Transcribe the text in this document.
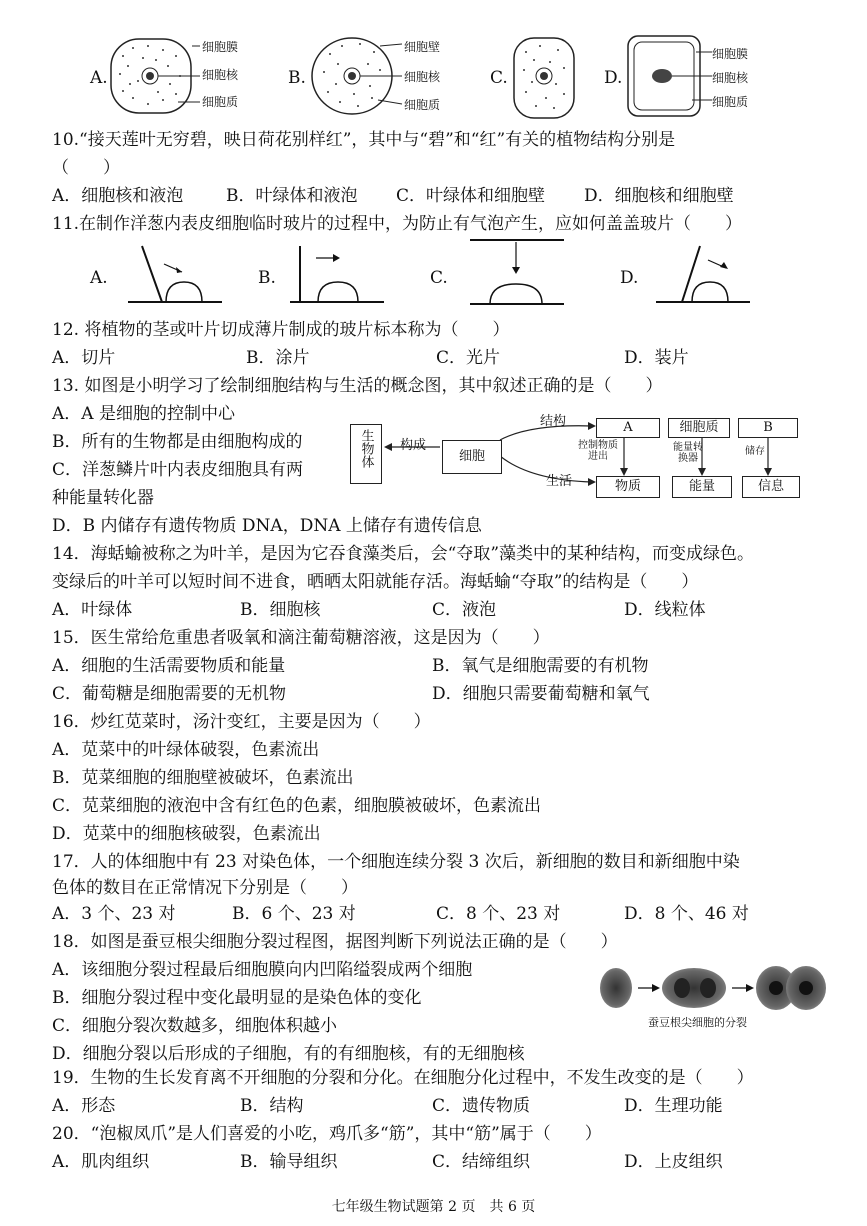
A.
细胞膜
细胞核
细胞质
B.
细胞壁
细胞核
细胞质
C.	D.
细胞膜
细胞核
细胞质
10.“接天莲叶无穷碧，映日荷花别样红”，其中与“碧”和“红”有关的植物结构分别是
（　　）
A．细胞核和液泡	B．叶绿体和液泡 C．叶绿体和细胞壁 D．细胞核和细胞壁
11.在制作洋葱内表皮细胞临时玻片的过程中，为防止有气泡产生，应如何盖盖玻片（　　）
A.	B.	C.	D.
12. 将植物的茎或叶片切成薄片制成的玻片标本称为（　　）
A．切片	B．涂片	C．光片	D．装片
13. 如图是小明学习了绘制细胞结构与生活的概念图，其中叙述正确的是（　　）
A．A 是细胞的控制中心
B．所有的生物都是由细胞构成的
C．洋葱鳞片叶内表皮细胞具有两
种能量转化器
D．B 内储存有遗传物质 DNA，DNA 上储存有遗传信息
生物体 构成
细胞
结构
生活
A	细胞质	B
控制物质进出
能量转换器
储存
物质	能量	信息
14．海蛞蝓被称之为叶羊，是因为它吞食藻类后，会“夺取”藻类中的某种结构，而变成绿色。
变绿后的叶羊可以短时间不进食，晒晒太阳就能存活。海蛞蝓“夺取”的结构是（　　）
A．叶绿体	B．细胞核	C．液泡	D．线粒体
15．医生常给危重患者吸氧和滴注葡萄糖溶液，这是因为（　　）
A．细胞的生活需要物质和能量	B．氧气是细胞需要的有机物
C．葡萄糖是细胞需要的无机物	D．细胞只需要葡萄糖和氧气
16．炒红苋菜时，汤汁变红，主要是因为（　　）
A．苋菜中的叶绿体破裂，色素流出
B．苋菜细胞的细胞壁被破坏，色素流出
C．苋菜细胞的液泡中含有红色的色素，细胞膜被破坏，色素流出
D．苋菜中的细胞核破裂，色素流出
17．人的体细胞中有 23 对染色体，一个细胞连续分裂 3 次后，新细胞的数目和新细胞中染
色体的数目在正常情况下分别是（　　）
A．3 个、23 对	B．6 个、23 对	C．8 个、23 对	D．8 个、46 对
18．如图是蚕豆根尖细胞分裂过程图，据图判断下列说法正确的是（　　）
A．该细胞分裂过程最后细胞膜向内凹陷缢裂成两个细胞
B．细胞分裂过程中变化最明显的是染色体的变化
C．细胞分裂次数越多，细胞体积越小
D．细胞分裂以后形成的子细胞，有的有细胞核，有的无细胞核
蚕豆根尖细胞的分裂
19．生物的生长发育离不开细胞的分裂和分化。在细胞分化过程中，不发生改变的是（　　）
A．形态	B．结构	C．遗传物质	D．生理功能
20．“泡椒凤爪”是人们喜爱的小吃，鸡爪多“筋”，其中“筋”属于（　　）
A．肌肉组织	B．输导组织	C．结缔组织	D．上皮组织
七年级生物试题第 2 页　共 6 页
